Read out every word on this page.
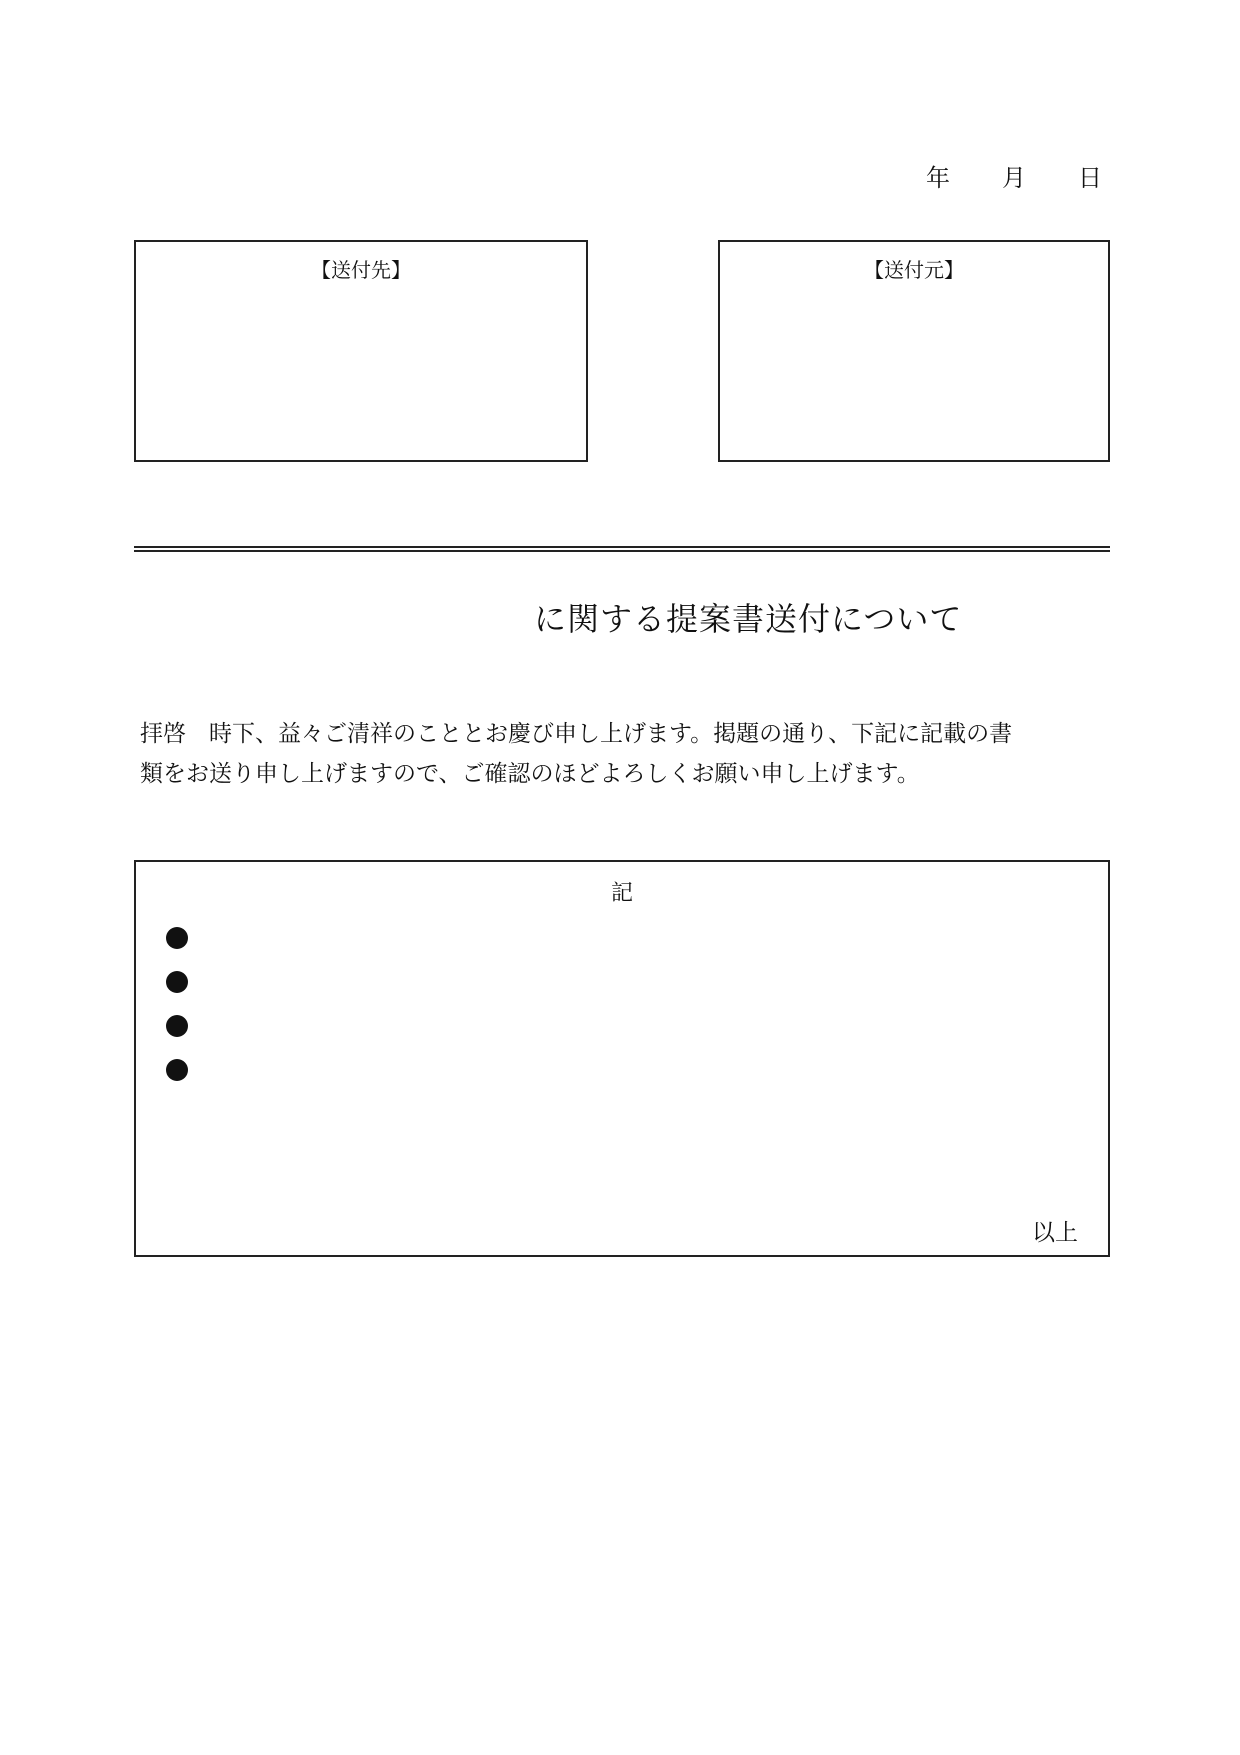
年	月	日
【送付先】	【送付元】
に関する提案書送付について
拝啓　時下、益々ご清祥のこととお慶び申し上げます。掲題の通り、下記に記載の書
類をお送り申し上げますので、ご確認のほどよろしくお願い申し上げます。
記
以上
